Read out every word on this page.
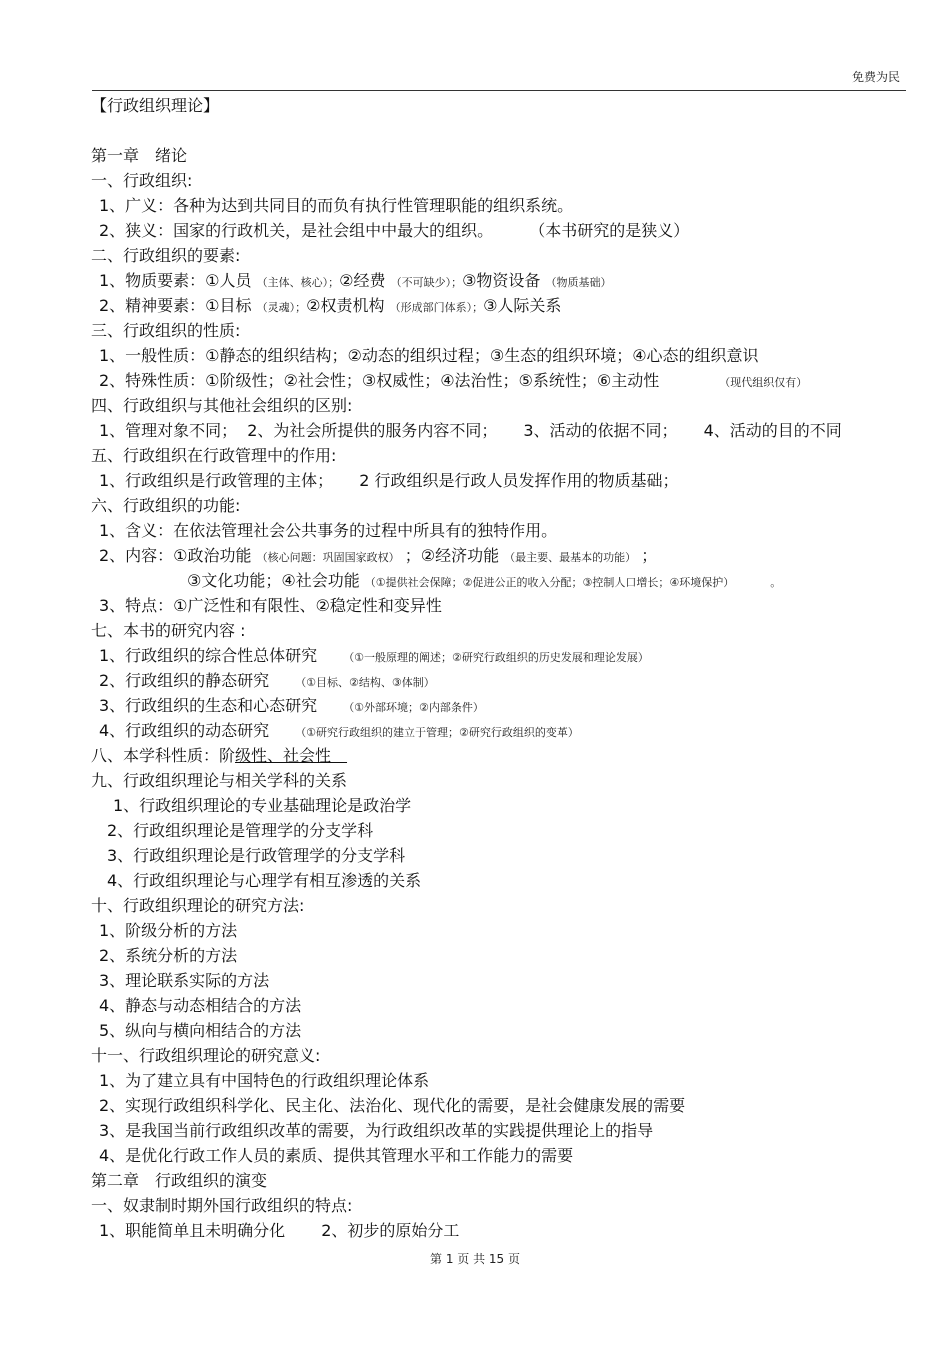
免费为民
【行政组织理论】
第一章　绪论
一、行政组织:
1、广义：各种为达到共同目的而负有执行性管理职能的组织系统。
2、狭义：国家的行政机关，是社会组中中最大的组织。 （本书研究的是狭义）
二、行政组织的要素:
1、物质要素：①人员 （主体、核心）；②经费 （不可缺少）；③物资设备 （物质基础）
2、精神要素：①目标 （灵魂）；②权责机构 （形成部门体系）；③人际关系
三、行政组织的性质:
1、一般性质：①静态的组织结构；②动态的组织过程；③生态的组织环境；④心态的组织意识
2、特殊性质：①阶级性；②社会性；③权威性；④法治性；⑤系统性；⑥主动性	（现代组织仅有）
四、行政组织与其他社会组织的区别:
1、管理对象不同； 2、为社会所提供的服务内容不同； 3、活动的依据不同； 4、活动的目的不同
五、行政组织在行政管理中的作用:
1、行政组织是行政管理的主体； 2 行政组织是行政人员发挥作用的物质基础；
六、行政组织的功能:
1、含义：在依法管理社会公共事务的过程中所具有的独特作用。
2、内容：①政治功能 （核心问题：巩固国家政权） ；②经济功能 （最主要、最基本的功能） ；
③文化功能；④社会功能 （①提供社会保障；②促进公正的收入分配；③控制人口增长；④环境保护）	。
3、特点：①广泛性和有限性、②稳定性和变异性
七、本书的研究内容 :
1、行政组织的综合性总体研究 （①一般原理的阐述；②研究行政组织的历史发展和理论发展）
2、行政组织的静态研究 （①目标、②结构、③体制）
3、行政组织的生态和心态研究 （①外部环境；②内部条件）
4、行政组织的动态研究 （①研究行政组织的建立于管理；②研究行政组织的变革）
八、本学科性质：阶级性、社会性　
九、行政组织理论与相关学科的关系
1、行政组织理论的专业基础理论是政治学
2、行政组织理论是管理学的分支学科
3、行政组织理论是行政管理学的分支学科
4、行政组织理论与心理学有相互渗透的关系
十、行政组织理论的研究方法:
1、阶级分析的方法
2、系统分析的方法
3、理论联系实际的方法
4、静态与动态相结合的方法
5、纵向与横向相结合的方法
十一、行政组织理论的研究意义:
1、为了建立具有中国特色的行政组织理论体系
2、实现行政组织科学化、民主化、法治化、现代化的需要，是社会健康发展的需要
3、是我国当前行政组织改革的需要，为行政组织改革的实践提供理论上的指导
4、是优化行政工作人员的素质、提供其管理水平和工作能力的需要
第二章　行政组织的演变
一、奴隶制时期外国行政组织的特点:
1、职能简单且未明确分化 2、初步的原始分工
第 1 页 共 15 页
